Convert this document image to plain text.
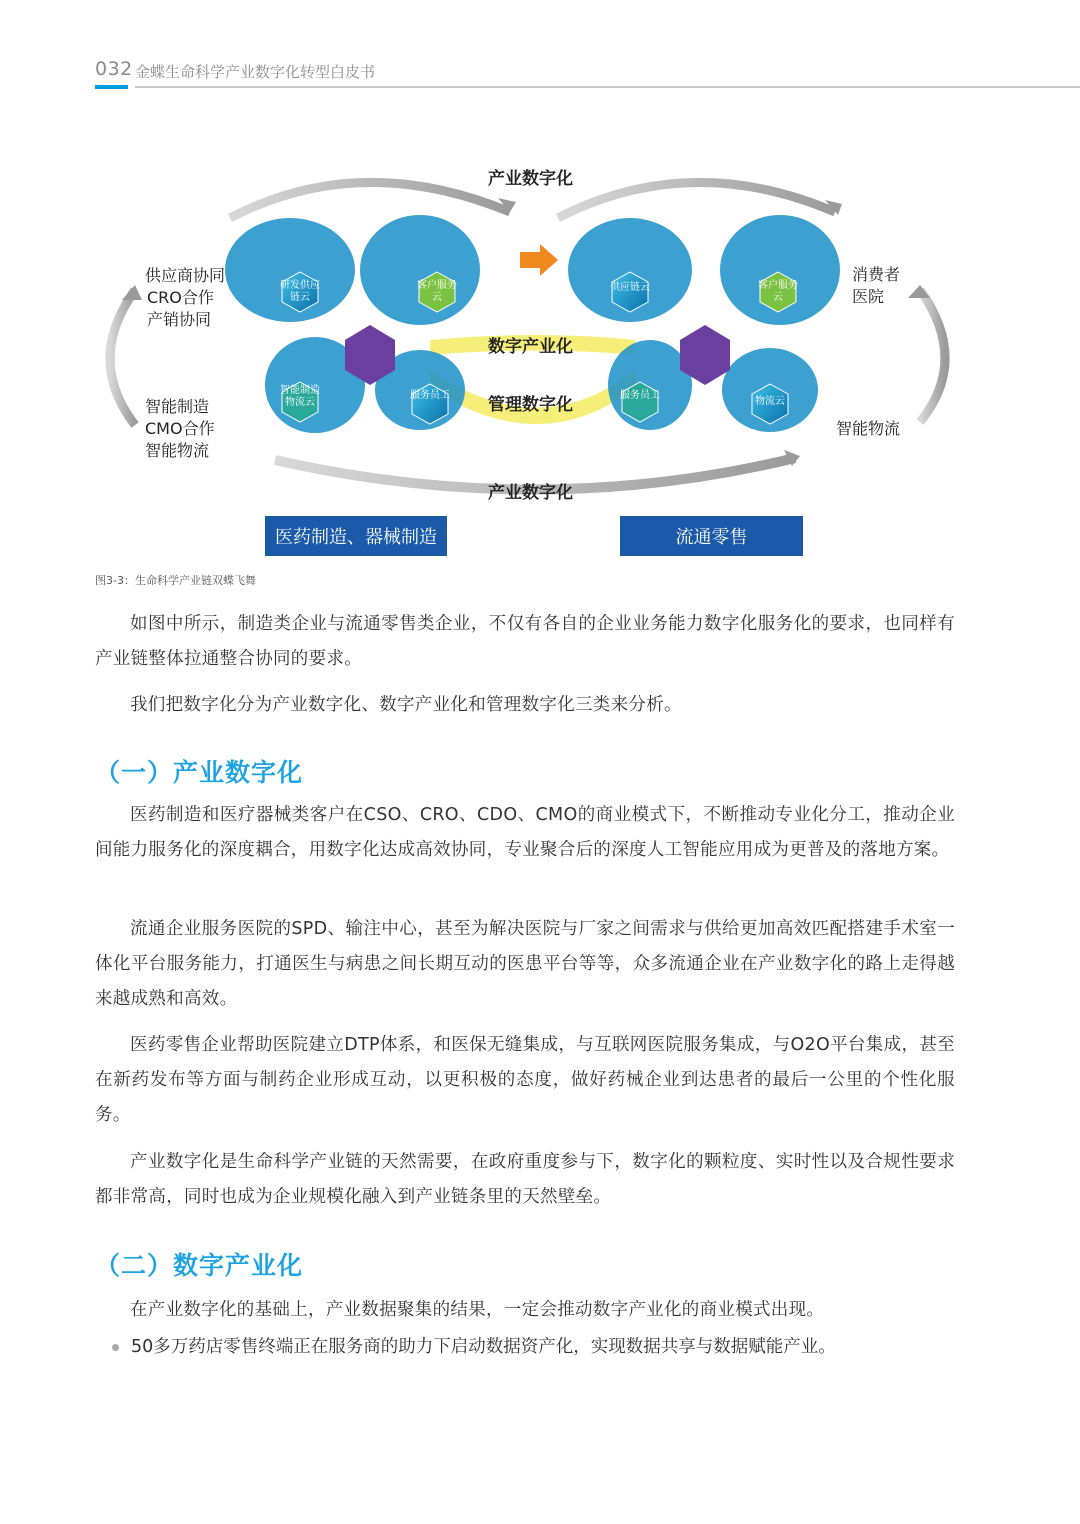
032 金蝶生命科学产业数字化转型白皮书
产业数字化
产业数字化
数字产业化
管理数字化
供应商协同
CRO合作
产销协同
智能制造
CMO合作
智能物流
消费者
医院
智能物流
研发供应链云
客户服务云
智能制造物流云
服务员工
供应链云	客户服务云
服务员工
物流云
医药制造、器械制造	流通零售
图3-3：生命科学产业链双蝶飞舞
如图中所示，制造类企业与流通零售类企业，不仅有各自的企业业务能力数字化服务化的要求，也同样有产业链整体拉通整合协同的要求。
我们把数字化分为产业数字化、数字产业化和管理数字化三类来分析。
（一）产业数字化
医药制造和医疗器械类客户在CSO、CRO、CDO、CMO的商业模式下，不断推动专业化分工，推动企业间能力服务化的深度耦合，用数字化达成高效协同，专业聚合后的深度人工智能应用成为更普及的落地方案。
流通企业服务医院的SPD、输注中心，甚至为解决医院与厂家之间需求与供给更加高效匹配搭建手术室一体化平台服务能力，打通医生与病患之间长期互动的医患平台等等，众多流通企业在产业数字化的路上走得越来越成熟和高效。
医药零售企业帮助医院建立DTP体系，和医保无缝集成，与互联网医院服务集成，与O2O平台集成，甚至在新药发布等方面与制药企业形成互动，以更积极的态度，做好药械企业到达患者的最后一公里的个性化服务。
产业数字化是生命科学产业链的天然需要，在政府重度参与下，数字化的颗粒度、实时性以及合规性要求都非常高，同时也成为企业规模化融入到产业链条里的天然壁垒。
（二）数字产业化
在产业数字化的基础上，产业数据聚集的结果，一定会推动数字产业化的商业模式出现。
50多万药店零售终端正在服务商的助力下启动数据资产化，实现数据共享与数据赋能产业。
